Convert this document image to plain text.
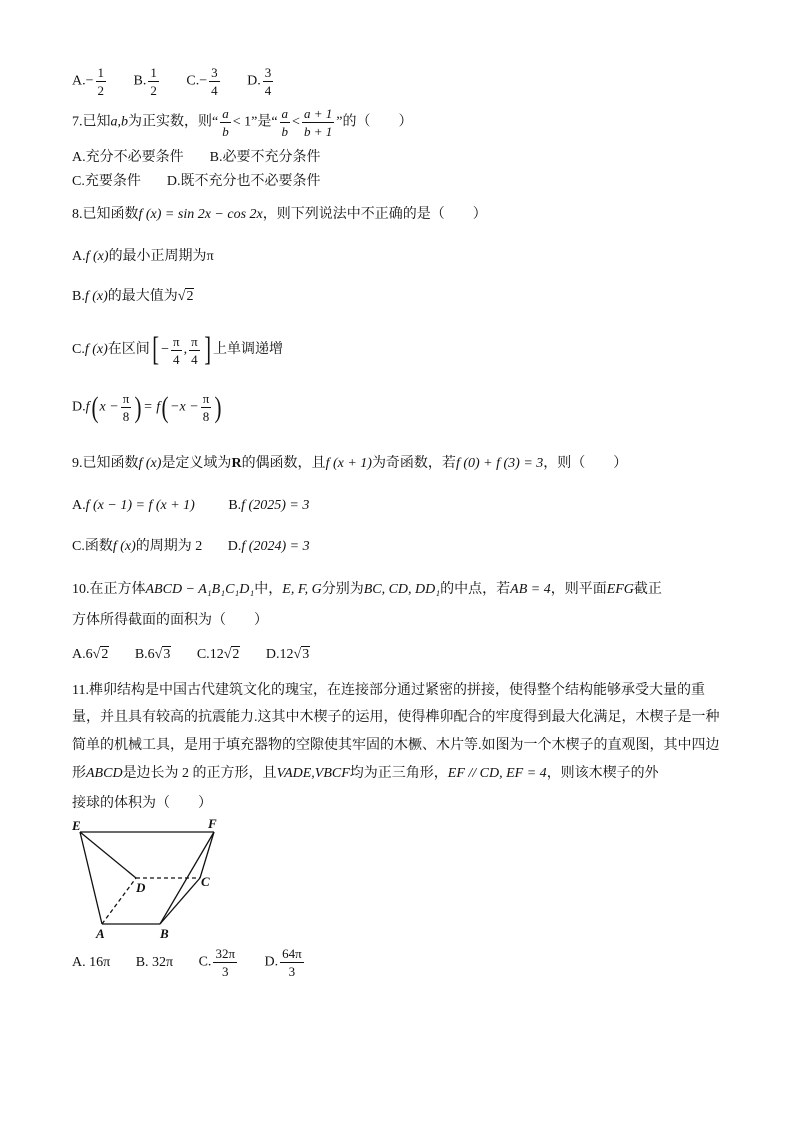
$A.- \frac{1}{2} B$. $\frac{1}{2} C.- \frac{3}{4} D$. $\frac{3}{4}$
7.已知a,b为正实数，则“ $\frac{a}{b} < 1$”是“ $\frac{a}{b} < \frac{a + 1}{b + 1}$ ”的（　　）
A.充分不必要条件 B.必要不充分条件
C.充要条件 D.既不充分也不必要条件
8.已知函数f (x) = sin 2x − cos 2x，则下列说法中不正确的是（　　）
A.f (x)的最小正周期为π
B.f (x)的最大值为√2
C.f (x)在区间[ − $\frac{\pi}{4}$ , $\frac{\pi}{4}$ ] 上单调递增
D.f( $x - \frac{\pi}{8}$ ) = $f( -x - \frac{\pi}{8}$ )
9.已知函数f (x)是定义域为R的偶函数，且f (x + 1)为奇函数，若f (0) + f (3) = 3，则（　　）
A.f (x − 1) = f (x + 1) B.f (2025) = 3
C.函数f (x)的周期为 2 D.f (2024) = 3
10.在正方体ABCD − A₁B₁C₁D₁中，E, F, G分别为BC, CD, DD₁的中点，若AB = 4，则平面EFG截正
方体所得截面的面积为（　　）
A.6√2 B.6√3 C.12√2 D.12√3
11.榫卯结构是中国古代建筑文化的瑰宝，在连接部分通过紧密的拼接，使得整个结构能够承受大量的重
量，并且具有较高的抗震能力.这其中木楔子的运用，使得榫卯配合的牢度得到最大化满足，木楔子是一种
简单的机械工具，是用于填充器物的空隙使其牢固的木橛、木片等.如图为一个木楔子的直观图，其中四边
形ABCD是边长为 2 的正方形，且VADE,VBCF均为正三角形，EF // CD, EF = 4，则该木楔子的外
接球的体积为（　　）
E	F
D	C
A	B
A. 16π B. 32π C. $\frac{32\pi}{3} D$. $\frac{64\pi}{3}$
